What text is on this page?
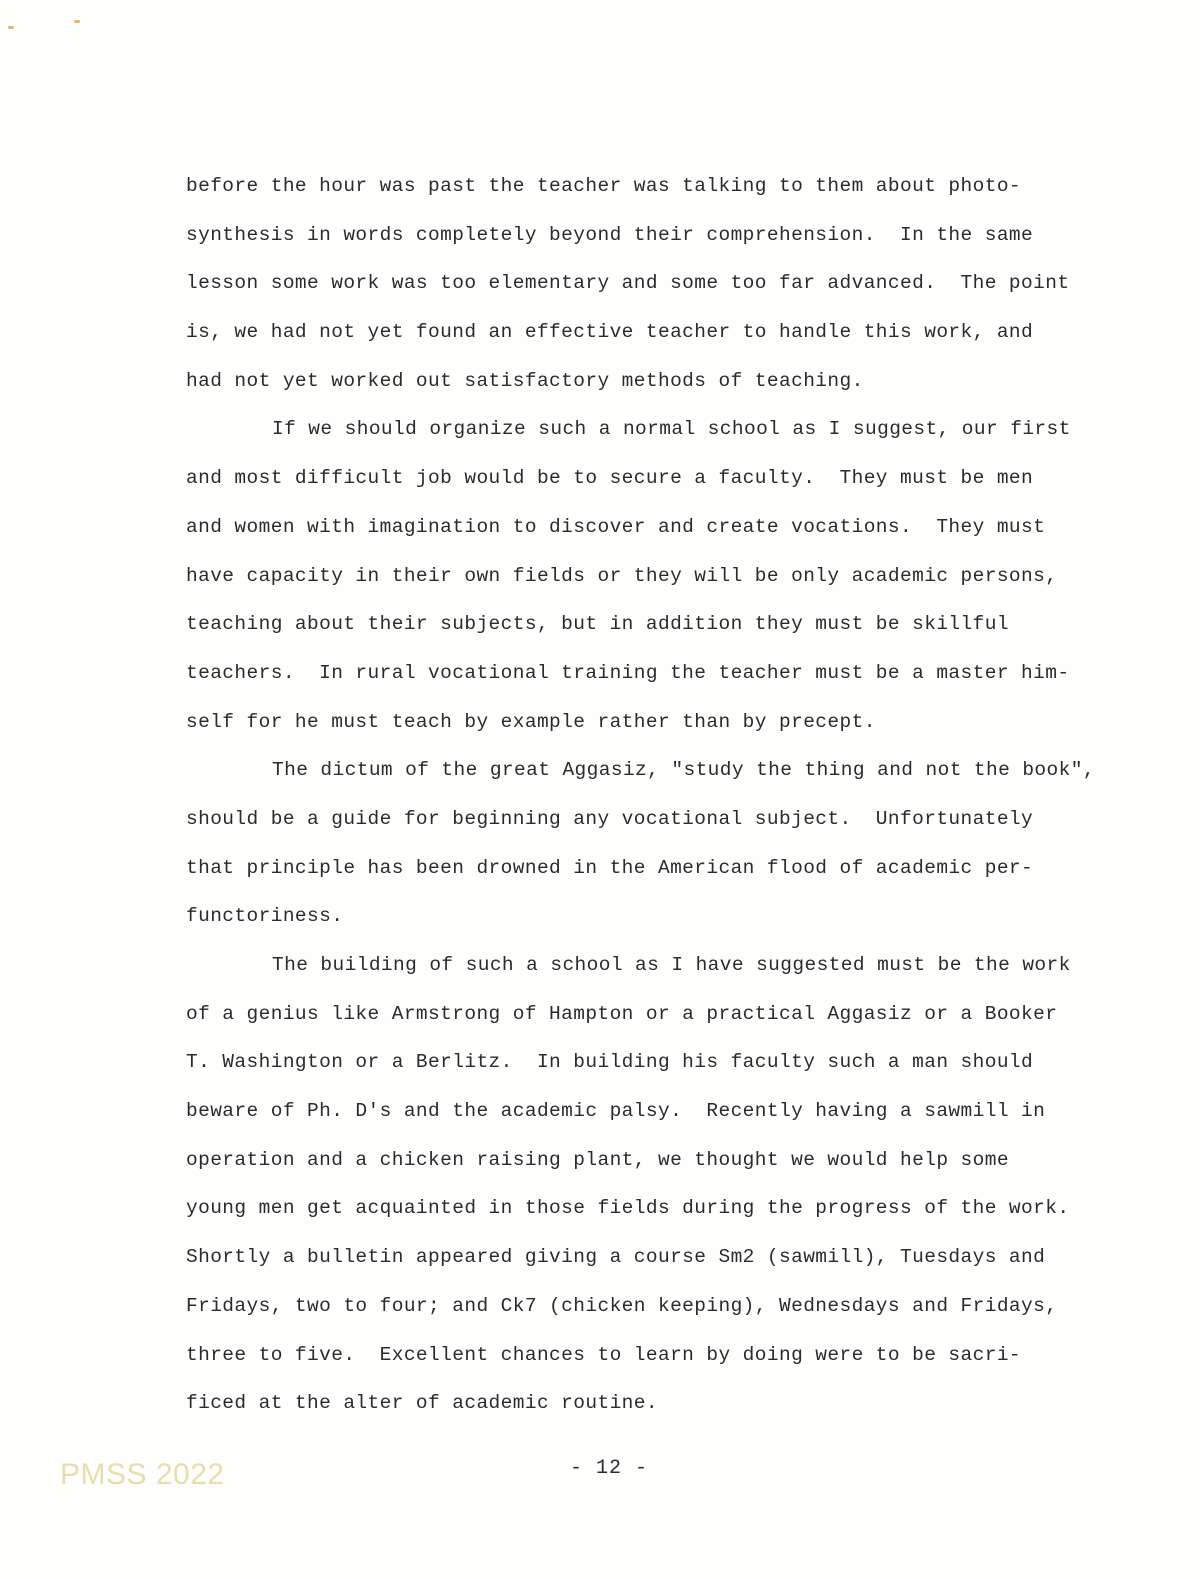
before the hour was past the teacher was talking to them about photo-
synthesis in words completely beyond their comprehension.  In the same
lesson some work was too elementary and some too far advanced.  The point
is, we had not yet found an effective teacher to handle this work, and
had not yet worked out satisfactory methods of teaching.
If we should organize such a normal school as I suggest, our first
and most difficult job would be to secure a faculty.  They must be men
and women with imagination to discover and create vocations.  They must
have capacity in their own fields or they will be only academic persons,
teaching about their subjects, but in addition they must be skillful
teachers.  In rural vocational training the teacher must be a master him-
self for he must teach by example rather than by precept.
The dictum of the great Aggasiz, "study the thing and not the book",
should be a guide for beginning any vocational subject.  Unfortunately
that principle has been drowned in the American flood of academic per-
functoriness.
The building of such a school as I have suggested must be the work
of a genius like Armstrong of Hampton or a practical Aggasiz or a Booker
T. Washington or a Berlitz.  In building his faculty such a man should
beware of Ph. D's and the academic palsy.  Recently having a sawmill in
operation and a chicken raising plant, we thought we would help some
young men get acquainted in those fields during the progress of the work.
Shortly a bulletin appeared giving a course Sm2 (sawmill), Tuesdays and
Fridays, two to four; and Ck7 (chicken keeping), Wednesdays and Fridays,
three to five.  Excellent chances to learn by doing were to be sacri-
ficed at the alter of academic routine.
- 12 -
PMSS 2022
